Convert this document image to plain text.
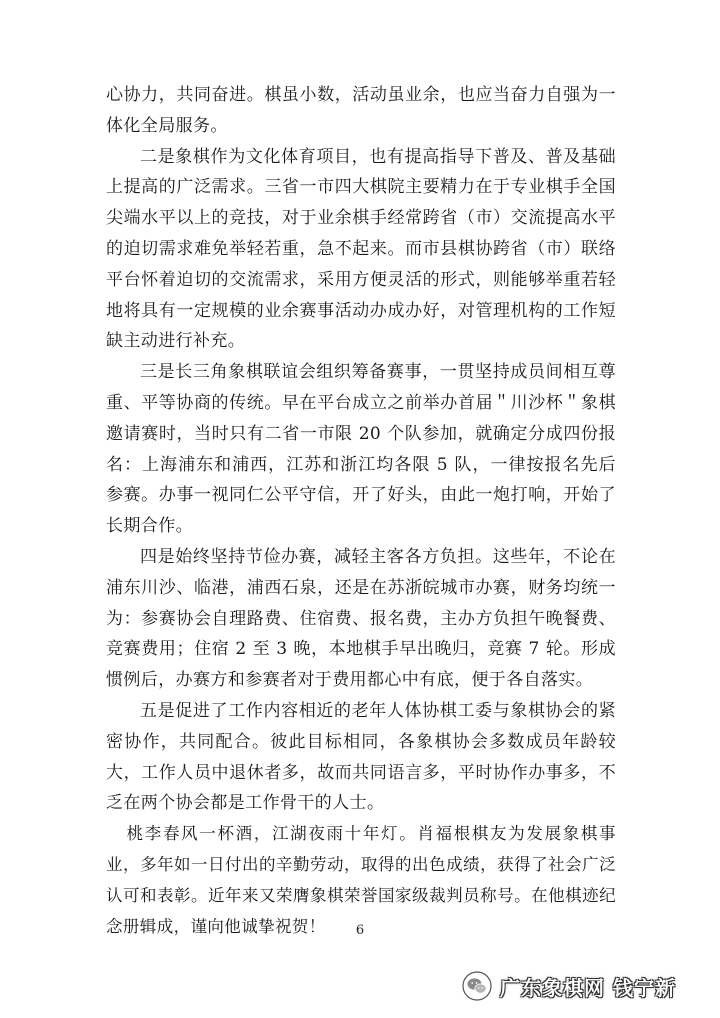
心协力，共同奋进。棋虽小数，活动虽业余，也应当奋力自强为一体化全局服务。

二是象棋作为文化体育项目，也有提高指导下普及、普及基础上提高的广泛需求。三省一市四大棋院主要精力在于专业棋手全国尖端水平以上的竞技，对于业余棋手经常跨省（市）交流提高水平的迫切需求难免举轻若重，急不起来。而市县棋协跨省（市）联络平台怀着迫切的交流需求，采用方便灵活的形式，则能够举重若轻地将具有一定规模的业余赛事活动办成办好，对管理机构的工作短缺主动进行补充。

三是长三角象棋联谊会组织筹备赛事，一贯坚持成员间相互尊重、平等协商的传统。早在平台成立之前举办首届＂川沙杯＂象棋邀请赛时，当时只有二省一市限 20 个队参加，就确定分成四份报名：上海浦东和浦西，江苏和浙江均各限 5 队，一律按报名先后参赛。办事一视同仁公平守信，开了好头，由此一炮打响，开始了长期合作。

四是始终坚持节俭办赛，减轻主客各方负担。这些年，不论在浦东川沙、临港，浦西石泉，还是在苏浙皖城市办赛，财务均统一为：参赛协会自理路费、住宿费、报名费，主办方负担午晚餐费、竞赛费用；住宿 2 至 3 晚，本地棋手早出晚归，竞赛 7 轮。形成惯例后，办赛方和参赛者对于费用都心中有底，便于各自落实。

五是促进了工作内容相近的老年人体协棋工委与象棋协会的紧密协作，共同配合。彼此目标相同，各象棋协会多数成员年龄较大，工作人员中退休者多，故而共同语言多，平时协作办事多，不乏在两个协会都是工作骨干的人士。

桃李春风一杯酒，江湖夜雨十年灯。肖福根棋友为发展象棋事业，多年如一日付出的辛勤劳动，取得的出色成绩，获得了社会广泛认可和表彰。近年来又荣膺象棋荣誉国家级裁判员称号。在他棋迹纪念册辑成，谨向他诚挚祝贺！	6
广东象棋网 钱宁新
